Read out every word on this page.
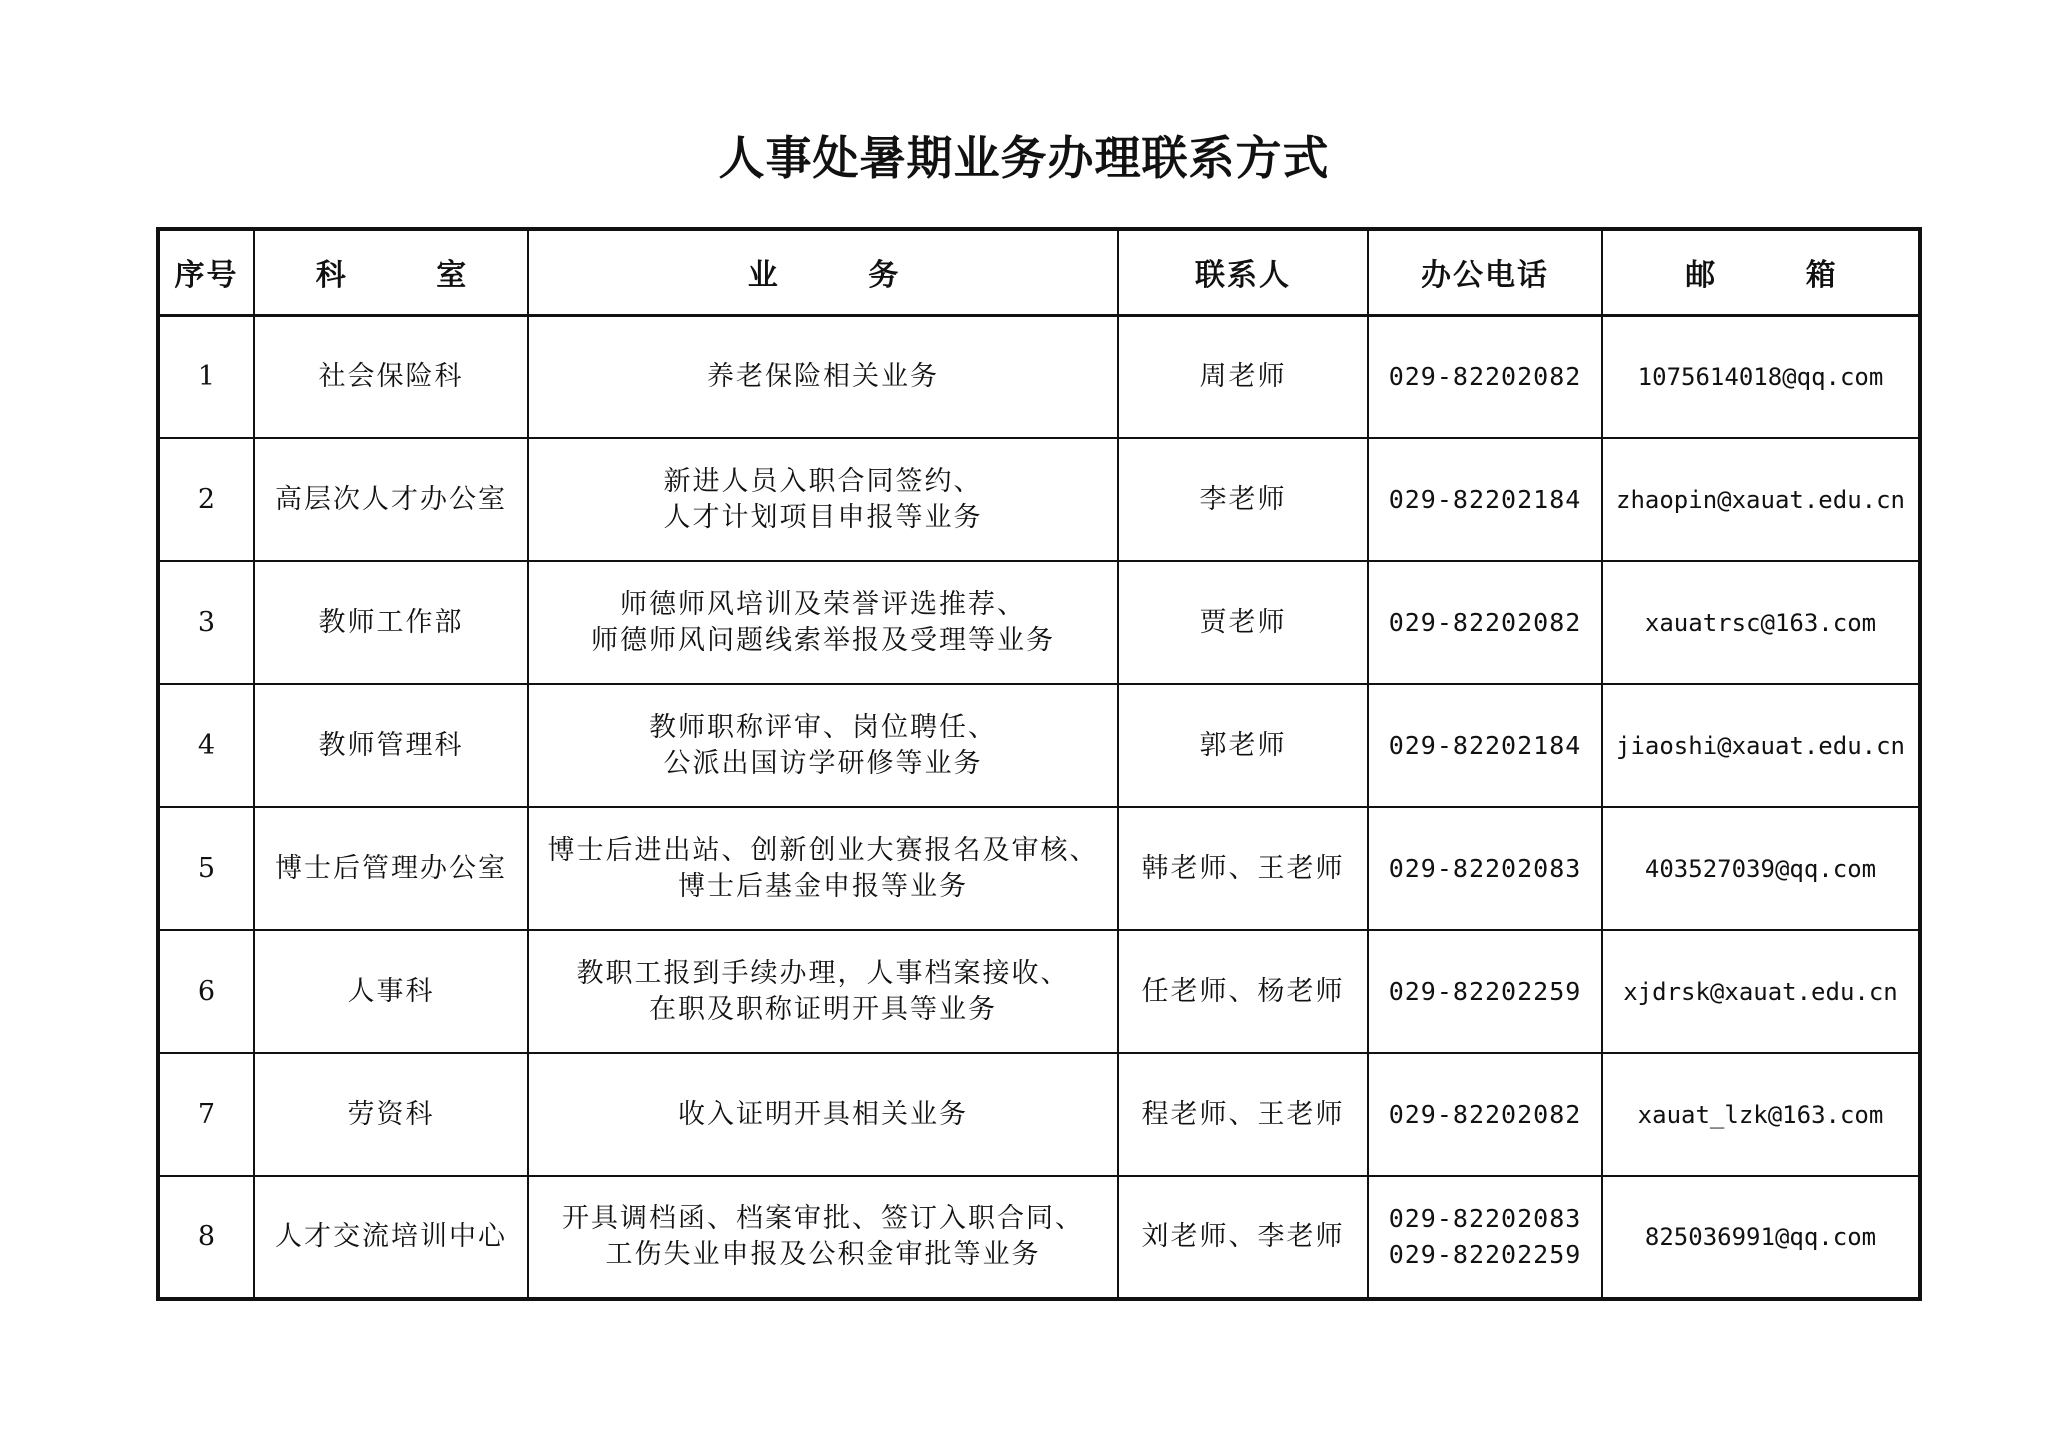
人事处暑期业务办理联系方式
序号	科 室	业 务	联系人	办公电话	邮 箱
1	社会保险科	养老保险相关业务	周老师	029-82202082	1075614018@qq.com
2	高层次人才办公室	新进人员入职合同签约、
人才计划项目申报等业务	李老师	029-82202184	zhaopin@xauat.edu.cn
3	教师工作部	师德师风培训及荣誉评选推荐、
师德师风问题线索举报及受理等业务	贾老师	029-82202082	xauatrsc@163.com
4	教师管理科	教师职称评审、岗位聘任、
公派出国访学研修等业务	郭老师	029-82202184	jiaoshi@xauat.edu.cn
5	博士后管理办公室	博士后进出站、创新创业大赛报名及审核、
博士后基金申报等业务	韩老师、王老师	029-82202083	403527039@qq.com
6	人事科	教职工报到手续办理，人事档案接收、
在职及职称证明开具等业务	任老师、杨老师	029-82202259	xjdrsk@xauat.edu.cn
7	劳资科	收入证明开具相关业务	程老师、王老师	029-82202082	xauat_lzk@163.com
8	人才交流培训中心	开具调档函、档案审批、签订入职合同、
工伤失业申报及公积金审批等业务	刘老师、李老师	029-82202083
029-82202259	825036991@qq.com
